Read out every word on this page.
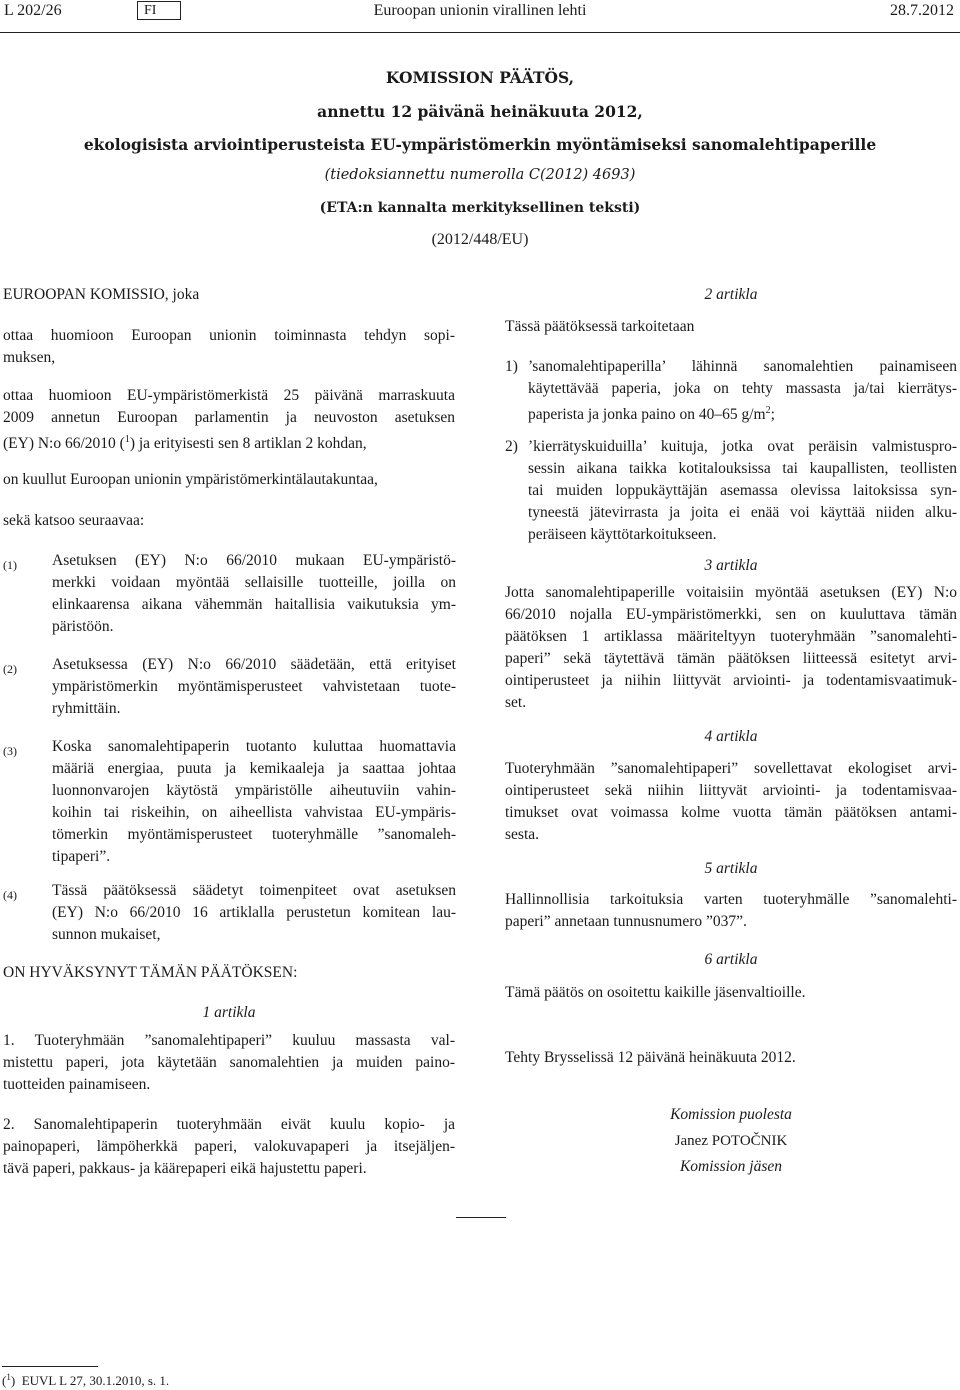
L 202/26	FI	Euroopan unionin virallinen lehti	28.7.2012
KOMISSION PÄÄTÖS,
annettu 12 päivänä heinäkuuta 2012,
ekologisista arviointiperusteista EU-ympäristömerkin myöntämiseksi sanomalehtipaperille
(tiedoksiannettu numerolla C(2012) 4693)
(ETA:n kannalta merkityksellinen teksti)
(2012/448/EU)
EUROOPAN KOMISSIO, joka
ottaa huomioon Euroopan unionin toiminnasta tehdyn sopi-
muksen,
ottaa huomioon EU-ympäristömerkistä 25 päivänä marraskuuta
2009 annetun Euroopan parlamentin ja neuvoston asetuksen
(EY) N:o 66/2010 ($^1$) ja erityisesti sen 8 artiklan 2 kohdan,
on kuullut Euroopan unionin ympäristömerkintälautakuntaa,
sekä katsoo seuraavaa:
(1) Asetuksen (EY) N:o 66/2010 mukaan EU-ympäristö-
merkki voidaan myöntää sellaisille tuotteille, joilla on
elinkaarensa aikana vähemmän haitallisia vaikutuksia ym-
päristöön.
(2) Asetuksessa (EY) N:o 66/2010 säädetään, että erityiset
ympäristömerkin myöntämisperusteet vahvistetaan tuote-
ryhmittäin.
(3) Koska sanomalehtipaperin tuotanto kuluttaa huomattavia
määriä energiaa, puuta ja kemikaaleja ja saattaa johtaa
luonnonvarojen käytöstä ympäristölle aiheutuviin vahin-
koihin tai riskeihin, on aiheellista vahvistaa EU-ympäris-
tömerkin myöntämisperusteet tuoteryhmälle ”sanomaleh-
tipaperi”.
(4) Tässä päätöksessä säädetyt toimenpiteet ovat asetuksen
(EY) N:o 66/2010 16 artiklalla perustetun komitean lau-
sunnon mukaiset,
ON HYVÄKSYNYT TÄMÄN PÄÄTÖKSEN:
1 artikla
1. Tuoteryhmään ”sanomalehtipaperi” kuuluu massasta val-
mistettu paperi, jota käytetään sanomalehtien ja muiden paino-
tuotteiden painamiseen.
2. Sanomalehtipaperin tuoteryhmään eivät kuulu kopio- ja
painopaperi, lämpöherkkä paperi, valokuvapaperi ja itsejäljen-
tävä paperi, pakkaus- ja käärepaperi eikä hajustettu paperi.
2 artikla
Tässä päätöksessä tarkoitetaan
1) ’sanomalehtipaperilla’ lähinnä sanomalehtien painamiseen
käytettävää paperia, joka on tehty massasta ja/tai kierrätys-
paperista ja jonka paino on 40–65 $g/m^2$;
2) ’kierrätyskuiduilla’ kuituja, jotka ovat peräisin valmistuspro-
sessin aikana taikka kotitalouksissa tai kaupallisten, teollisten
tai muiden loppukäyttäjän asemassa olevissa laitoksissa syn-
tyneestä jätevirrasta ja joita ei enää voi käyttää niiden alku-
peräiseen käyttötarkoitukseen.
3 artikla
Jotta sanomalehtipaperille voitaisiin myöntää asetuksen (EY) N:o
66/2010 nojalla EU-ympäristömerkki, sen on kuuluttava tämän
päätöksen 1 artiklassa määriteltyyn tuoteryhmään ”sanomalehti-
paperi” sekä täytettävä tämän päätöksen liitteessä esitetyt arvi-
ointiperusteet ja niihin liittyvät arviointi- ja todentamisvaatimuk-
set.
4 artikla
Tuoteryhmään ”sanomalehtipaperi” sovellettavat ekologiset arvi-
ointiperusteet sekä niihin liittyvät arviointi- ja todentamisvaa-
timukset ovat voimassa kolme vuotta tämän päätöksen antami-
sesta.
5 artikla
Hallinnollisia tarkoituksia varten tuoteryhmälle ”sanomalehti-
paperi” annetaan tunnusnumero ”037”.
6 artikla
Tämä päätös on osoitettu kaikille jäsenvaltioille.
Tehty Brysselissä 12 päivänä heinäkuuta 2012.
Komission puolesta
Janez POTOČNIK
Komission jäsen
($^1$)  EUVL L 27, 30.1.2010, s. 1.
